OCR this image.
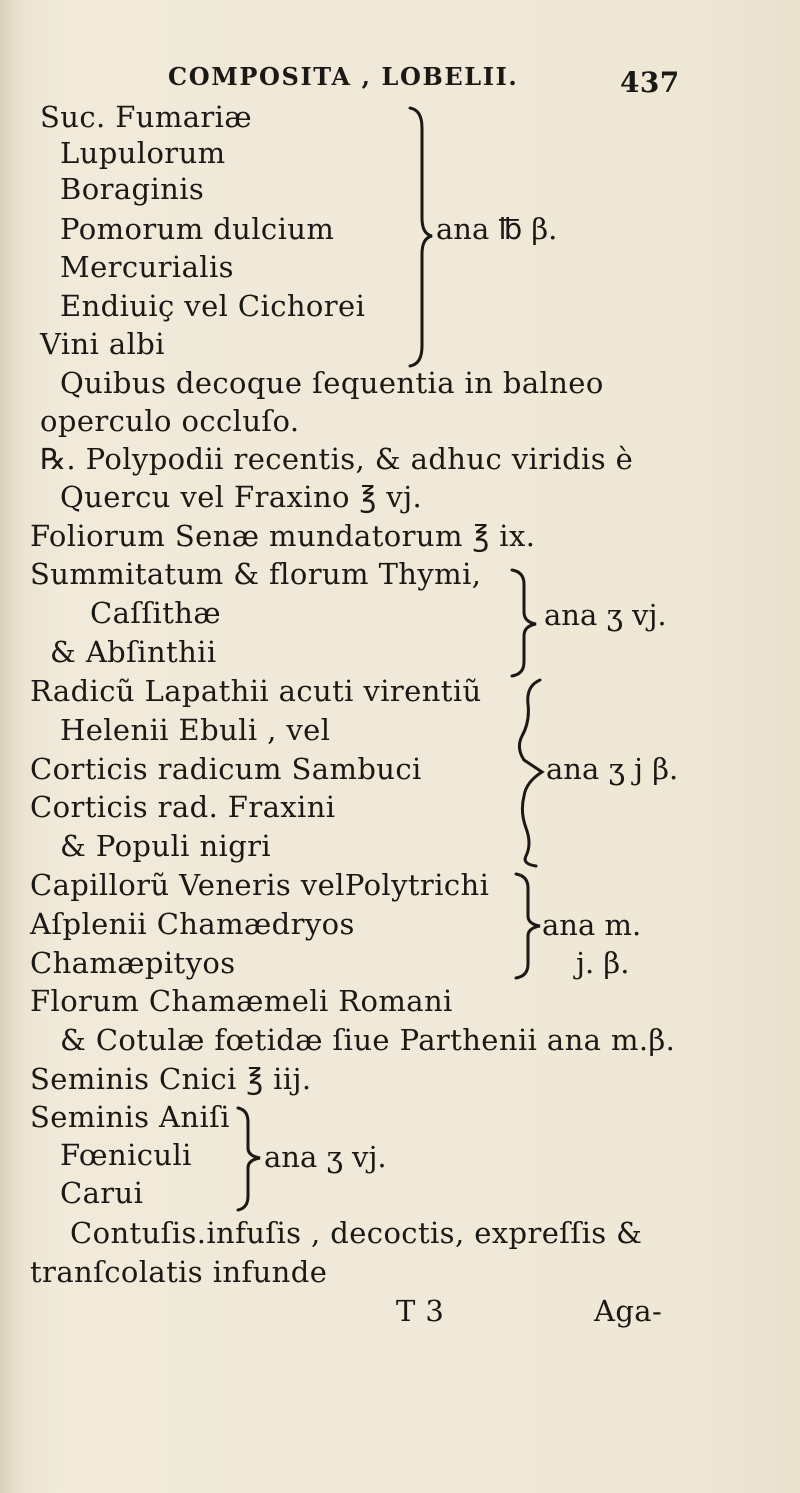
COMPOSITA , LOBELII.	437
Suc. Fumariæ
Lupulorum
Boraginis
Pomorum dulcium
Mercurialis
Endiuiç vel Cichorei
Vini albi
ana ℔ β.
Quibus decoque ſequentia in balneo
operculo occluſo.
℞. Polypodii recentis, & adhuc viridis è
Quercu vel Fraxino ℥ vj.
Foliorum Senæ mundatorum ℥ ix.
Summitatum & florum Thymi,
Caſſithæ
& Abſinthii
ana ʒ vj.
Radicũ Lapathii acuti virentiũ
Helenii Ebuli , vel
Corticis radicum Sambuci
Corticis rad. Fraxini
& Populi nigri
ana ʒ j β.
Capillorũ Veneris velPolytrichi
Aſplenii Chamædryos
Chamæpityos
ana m.
j. β.
Florum Chamæmeli Romani
& Cotulæ fœtidæ ſiue Parthenii ana m.β.
Seminis Cnici ℥ iij.
Seminis Aniſi
Fœniculi
Carui
ana ʒ vj.
Contuſis.infuſis , decoctis, expreſſis &
tranſcolatis infunde
T 3	Aga-
